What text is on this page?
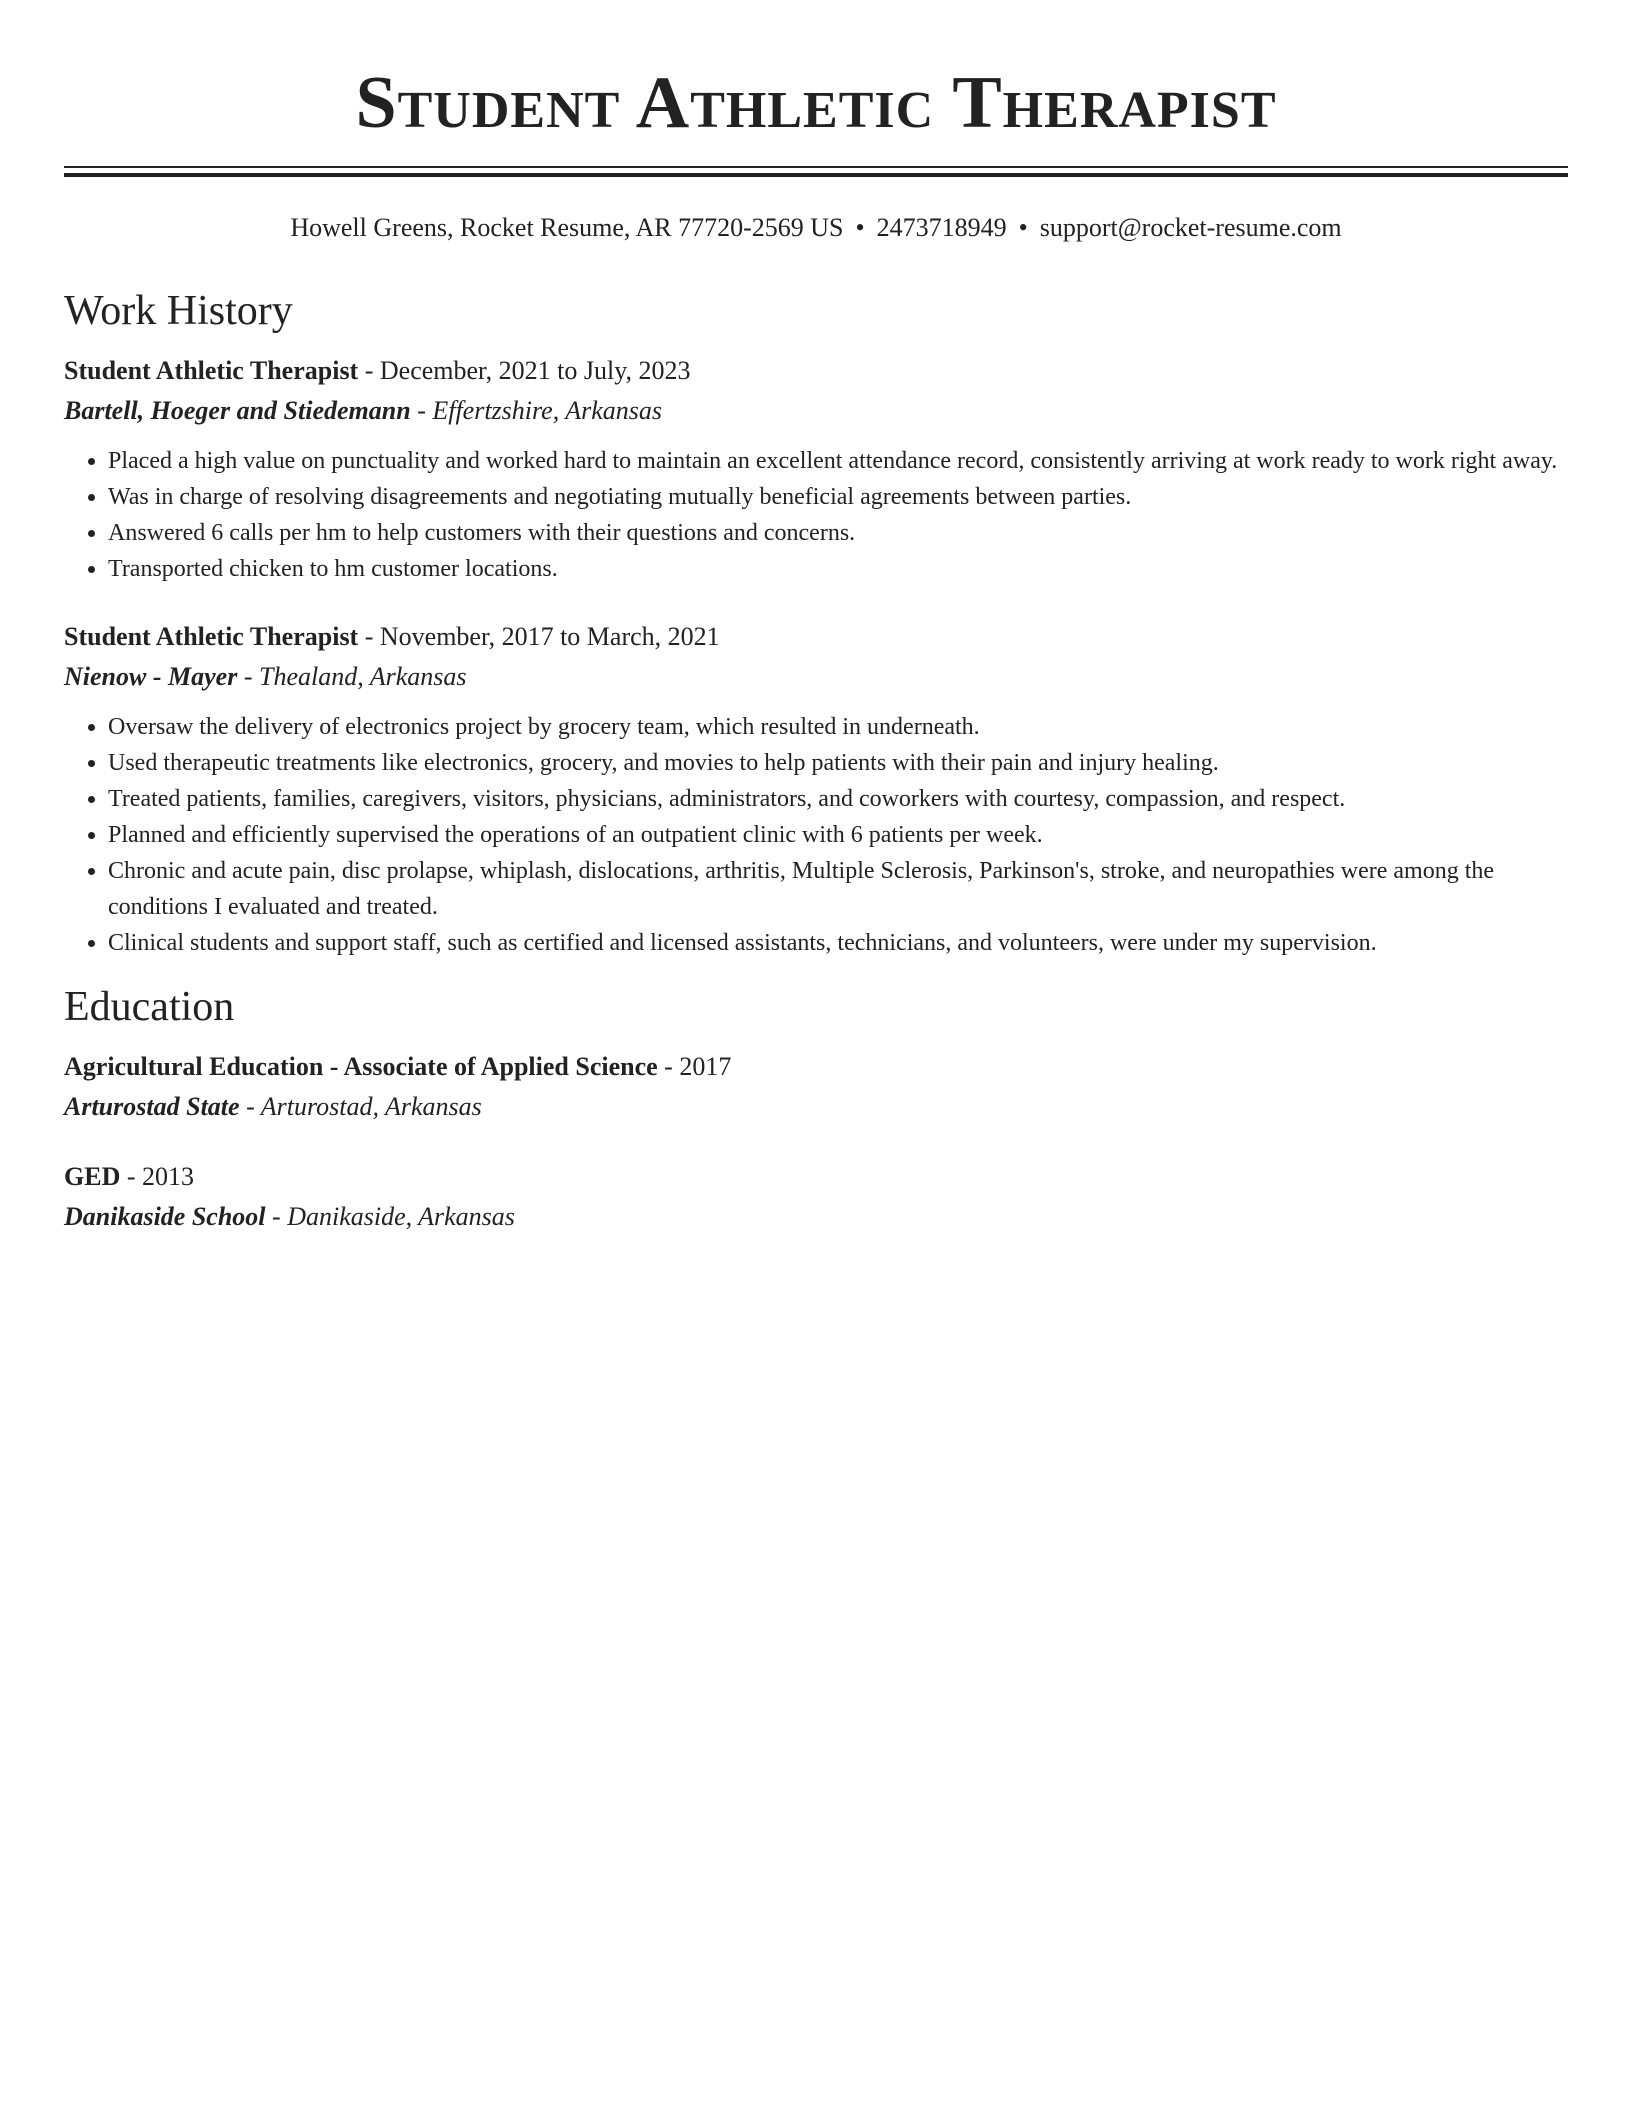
Student Athletic Therapist
Howell Greens, Rocket Resume, AR 77720-2569 US • 2473718949 • support@rocket-resume.com
Work History

Student Athletic Therapist - December, 2021 to July, 2023

Bartell, Hoeger and Stiedemann - Effertzshire, Arkansas

• Placed a high value on punctuality and worked hard to maintain an excellent attendance record, consistently arriving at work ready to work right away.
• Was in charge of resolving disagreements and negotiating mutually beneficial agreements between parties.
• Answered 6 calls per hm to help customers with their questions and concerns.
• Transported chicken to hm customer locations.

Student Athletic Therapist - November, 2017 to March, 2021

Nienow - Mayer - Thealand, Arkansas

• Oversaw the delivery of electronics project by grocery team, which resulted in underneath.
• Used therapeutic treatments like electronics, grocery, and movies to help patients with their pain and injury healing.
• Treated patients, families, caregivers, visitors, physicians, administrators, and coworkers with courtesy, compassion, and respect.
• Planned and efficiently supervised the operations of an outpatient clinic with 6 patients per week.
• Chronic and acute pain, disc prolapse, whiplash, dislocations, arthritis, Multiple Sclerosis, Parkinson's, stroke, and neuropathies were among the conditions I evaluated and treated.
• Clinical students and support staff, such as certified and licensed assistants, technicians, and volunteers, were under my supervision.
Education

Agricultural Education - Associate of Applied Science - 2017

Arturostad State - Arturostad, Arkansas

GED - 2013

Danikaside School - Danikaside, Arkansas
